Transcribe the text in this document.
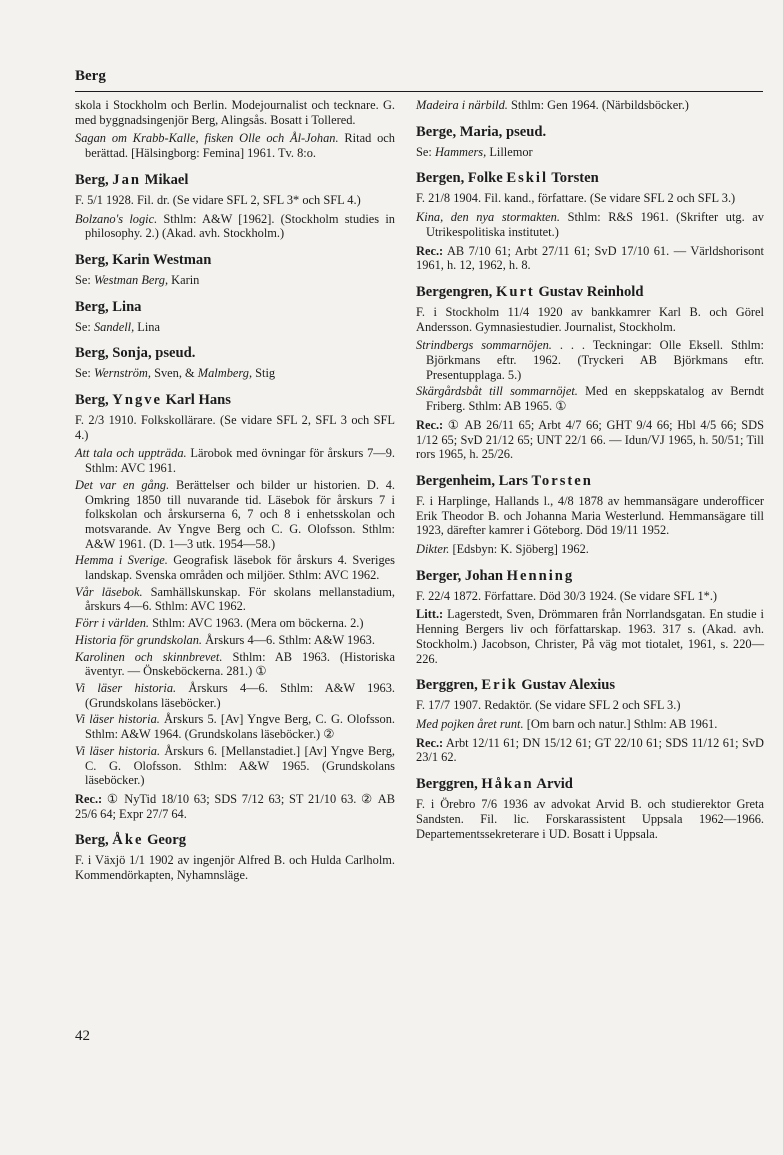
Berg

skola i Stockholm och Berlin. Modejournalist och tecknare. G. med byggnadsingenjör Berg, Alingsås. Bosatt i Tollered.

Sagan om Krabb-Kalle, fisken Olle och Ål-Johan. Ritad och berättad. [Hälsingborg: Femina] 1961. Tv. 8:o.

Berg, Jan Mikael

F. 5/1 1928. Fil. dr. (Se vidare SFL 2, SFL 3* och SFL 4.)

Bolzano's logic. Sthlm: A&W [1962]. (Stockholm studies in philosophy. 2.) (Akad. avh. Stockholm.)

Berg, Karin Westman

Se: Westman Berg, Karin

Berg, Lina

Se: Sandell, Lina

Berg, Sonja, pseud.

Se: Wernström, Sven, & Malmberg, Stig

Berg, Yngve Karl Hans

F. 2/3 1910. Folkskollärare. (Se vidare SFL 2, SFL 3 och SFL 4.)

Att tala och uppträda. Lärobok med övningar för årskurs 7—9. Sthlm: AVC 1961.

Det var en gång. Berättelser och bilder ur historien. D. 4. Omkring 1850 till nuvarande tid. Läsebok för årskurs 7 i folkskolan och årskurserna 6, 7 och 8 i enhetsskolan och motsvarande. Av Yngve Berg och C. G. Olofsson. Sthlm: A&W 1961. (D. 1—3 utk. 1954—58.)

Hemma i Sverige. Geografisk läsebok för årskurs 4. Sveriges landskap. Svenska områden och miljöer. Sthlm: AVC 1962.

Vår läsebok. Samhällskunskap. För skolans mellanstadium, årskurs 4—6. Sthlm: AVC 1962.

Förr i världen. Sthlm: AVC 1963. (Mera om böckerna. 2.)

Historia för grundskolan. Årskurs 4—6. Sthlm: A&W 1963.

Karolinen och skinnbrevet. Sthlm: AB 1963. (Historiska äventyr. — Önskeböckerna. 281.) ①

Vi läser historia. Årskurs 4—6. Sthlm: A&W 1963. (Grundskolans läseböcker.)

Vi läser historia. Årskurs 5. [Av] Yngve Berg, C. G. Olofsson. Sthlm: A&W 1964. (Grundskolans läseböcker.) ②

Vi läser historia. Årskurs 6. [Mellanstadiet.] [Av] Yngve Berg, C. G. Olofsson. Sthlm: A&W 1965. (Grundskolans läseböcker.)

Rec.: ① NyTid 18/10 63; SDS 7/12 63; ST 21/10 63. ② AB 25/6 64; Expr 27/7 64.

Berg, Åke Georg

F. i Växjö 1/1 1902 av ingenjör Alfred B. och Hulda Carlholm. Kommendörkapten, Nyhamnsläge.

Madeira i närbild. Sthlm: Gen 1964. (Närbildsböcker.)

Berge, Maria, pseud.

Se: Hammers, Lillemor

Bergen, Folke Eskil Torsten

F. 21/8 1904. Fil. kand., författare. (Se vidare SFL 2 och SFL 3.)

Kina, den nya stormakten. Sthlm: R&S 1961. (Skrifter utg. av Utrikespolitiska institutet.)

Rec.: AB 7/10 61; Arbt 27/11 61; SvD 17/10 61. — Världshorisont 1961, h. 12, 1962, h. 8.

Bergengren, Kurt Gustav Reinhold

F. i Stockholm 11/4 1920 av bankkamrer Karl B. och Görel Andersson. Gymnasiestudier. Journalist, Stockholm.

Strindbergs sommarnöjen. . . . Teckningar: Olle Eksell. Sthlm: Björkmans eftr. 1962. (Tryckeri AB Björkmans eftr. Presentupplaga. 5.)

Skärgårdsbåt till sommarnöjet. Med en skeppskatalog av Berndt Friberg. Sthlm: AB 1965. ①

Rec.: ① AB 26/11 65; Arbt 4/7 66; GHT 9/4 66; Hbl 4/5 66; SDS 1/12 65; SvD 21/12 65; UNT 22/1 66. — Idun/VJ 1965, h. 50/51; Till rors 1965, h. 25/26.

Bergenheim, Lars Torsten

F. i Harplinge, Hallands l., 4/8 1878 av hemmansägare underofficer Erik Theodor B. och Johanna Maria Westerlund. Hemmansägare till 1923, därefter kamrer i Göteborg. Död 19/11 1952.

Dikter. [Edsbyn: K. Sjöberg] 1962.

Berger, Johan Henning

F. 22/4 1872. Författare. Död 30/3 1924. (Se vidare SFL 1*.)

Litt.: Lagerstedt, Sven, Drömmaren från Norrlandsgatan. En studie i Henning Bergers liv och författarskap. 1963. 317 s. (Akad. avh. Stockholm.) Jacobson, Christer, På väg mot tiotalet, 1961, s. 220—226.

Berggren, Erik Gustav Alexius

F. 17/7 1907. Redaktör. (Se vidare SFL 2 och SFL 3.)

Med pojken året runt. [Om barn och natur.] Sthlm: AB 1961.

Rec.: Arbt 12/11 61; DN 15/12 61; GT 22/10 61; SDS 11/12 61; SvD 23/1 62.

Berggren, Håkan Arvid

F. i Örebro 7/6 1936 av advokat Arvid B. och studierektor Greta Sandsten. Fil. lic. Forskarassistent Uppsala 1962—1966. Departementssekreterare i UD. Bosatt i Uppsala.

42
